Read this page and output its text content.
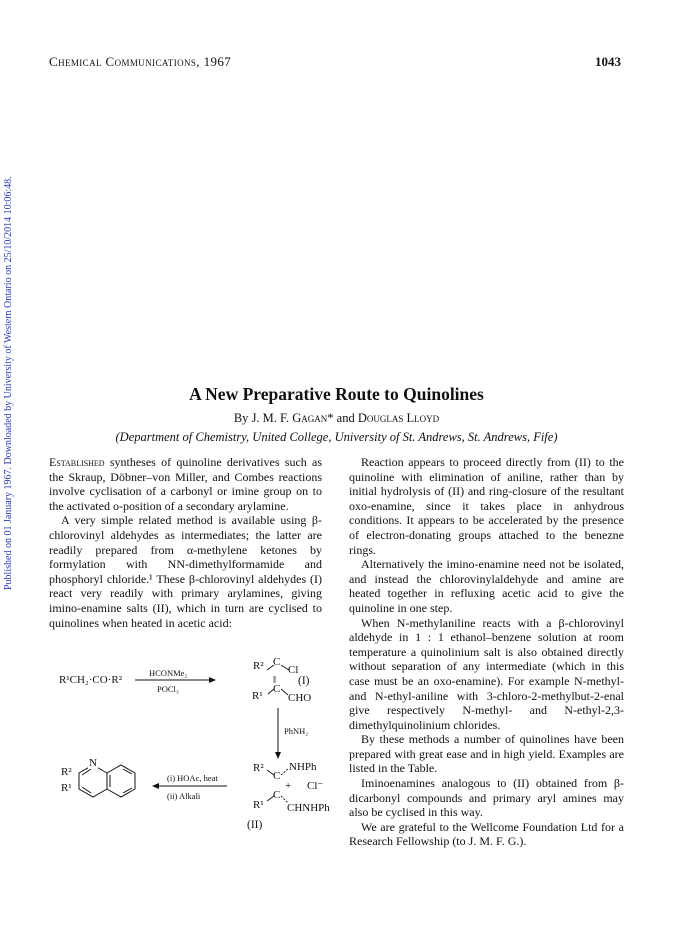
Published on 01 January 1967. Downloaded by University of Western Ontario on 25/10/2014 10:06:48.
Chemical Communications, 1967	1043
A New Preparative Route to Quinolines
By J. M. F. Gagan* and Douglas Lloyd
(Department of Chemistry, United College, University of St. Andrews, St. Andrews, Fife)

Established syntheses of quinoline derivatives such as the Skraup, Döbner–von Miller, and Combes reactions involve cyclisation of a carbonyl or imine group on to the activated o-position of a secondary arylamine.

A very simple related method is available using β-chlorovinyl aldehydes as intermediates; the latter are readily prepared from α-methylene ketones by formylation with NN-dimethylformamide and phosphoryl chloride.¹ These β-chlorovinyl aldehydes (I) react very readily with primary arylamines, giving imino-enamine salts (II), which in turn are cyclised to quinolines when heated in acetic acid:

R¹CH₂·CO·R²
HCONMe₂
POCl₃
R² C
Cl
‖ (I)
R¹
C
CHO
PhNH₂
R²
C
NHPh
+ Cl⁻
R¹
C
CHNHPh
(II)
(i) HOAc, heat
(ii) Alkali
R²
R¹
N

Reaction appears to proceed directly from (II) to the quinoline with elimination of aniline, rather than by initial hydrolysis of (II) and ring-closure of the resultant oxo-enamine, since it takes place in anhydrous conditions. It appears to be accelerated by the presence of electron-donating groups attached to the benezne rings.

Alternatively the imino-enamine need not be isolated, and instead the chlorovinylaldehyde and amine are heated together in refluxing acetic acid to give the quinoline in one step.

When N-methylaniline reacts with a β-chlorovinyl aldehyde in 1 : 1 ethanol–benzene solution at room temperature a quinolinium salt is also obtained directly without separation of any intermediate (which in this case must be an oxo-enamine). For example N-methyl- and N-ethyl-aniline with 3-chloro-2-methylbut-2-enal give respectively N-methyl- and N-ethyl-2,3-dimethylquinolinium chlorides.

By these methods a number of quinolines have been prepared with great ease and in high yield. Examples are listed in the Table.

Iminoenamines analogous to (II) obtained from β-dicarbonyl compounds and primary aryl amines may also be cyclised in this way.

We are grateful to the Wellcome Foundation Ltd for a Research Fellowship (to J. M. F. G.).
